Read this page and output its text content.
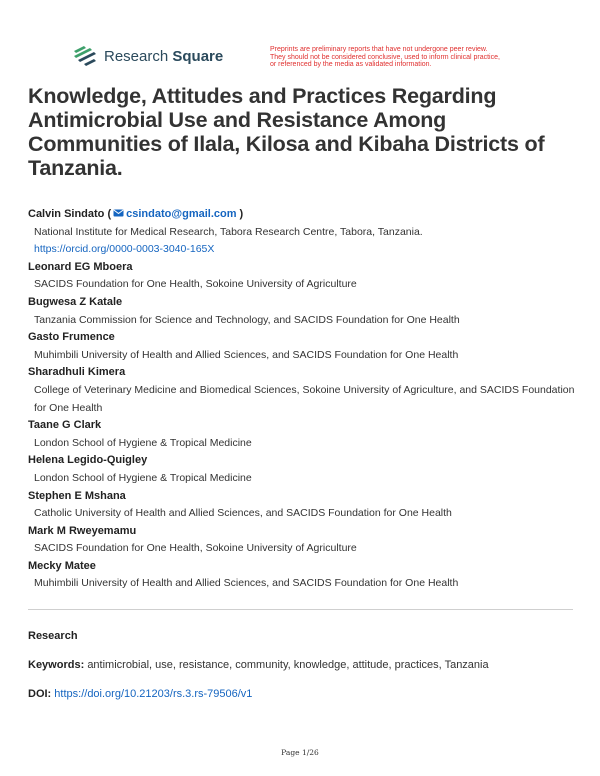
Research Square	Preprints are preliminary reports that have not undergone peer review.
They should not be considered conclusive, used to inform clinical practice,
or referenced by the media as validated information.
Knowledge, Attitudes and Practices Regarding Antimicrobial Use and Resistance Among Communities of Ilala, Kilosa and Kibaha Districts of Tanzania.
Calvin Sindato ( csindato@gmail.com )
National Institute for Medical Research, Tabora Research Centre, Tabora, Tanzania.
https://orcid.org/0000-0003-3040-165X
Leonard EG Mboera
SACIDS Foundation for One Health, Sokoine University of Agriculture
Bugwesa Z Katale
Tanzania Commission for Science and Technology, and SACIDS Foundation for One Health
Gasto Frumence
Muhimbili University of Health and Allied Sciences, and SACIDS Foundation for One Health
Sharadhuli Kimera
College of Veterinary Medicine and Biomedical Sciences, Sokoine University of Agriculture, and SACIDS Foundation for One Health
Taane G Clark
London School of Hygiene & Tropical Medicine
Helena Legido-Quigley
London School of Hygiene & Tropical Medicine
Stephen E Mshana
Catholic University of Health and Allied Sciences, and SACIDS Foundation for One Health
Mark M Rweyemamu
SACIDS Foundation for One Health, Sokoine University of Agriculture
Mecky Matee
Muhimbili University of Health and Allied Sciences, and SACIDS Foundation for One Health
Research
Keywords: antimicrobial, use, resistance, community, knowledge, attitude, practices, Tanzania
DOI: https://doi.org/10.21203/rs.3.rs-79506/v1
Page 1/26
